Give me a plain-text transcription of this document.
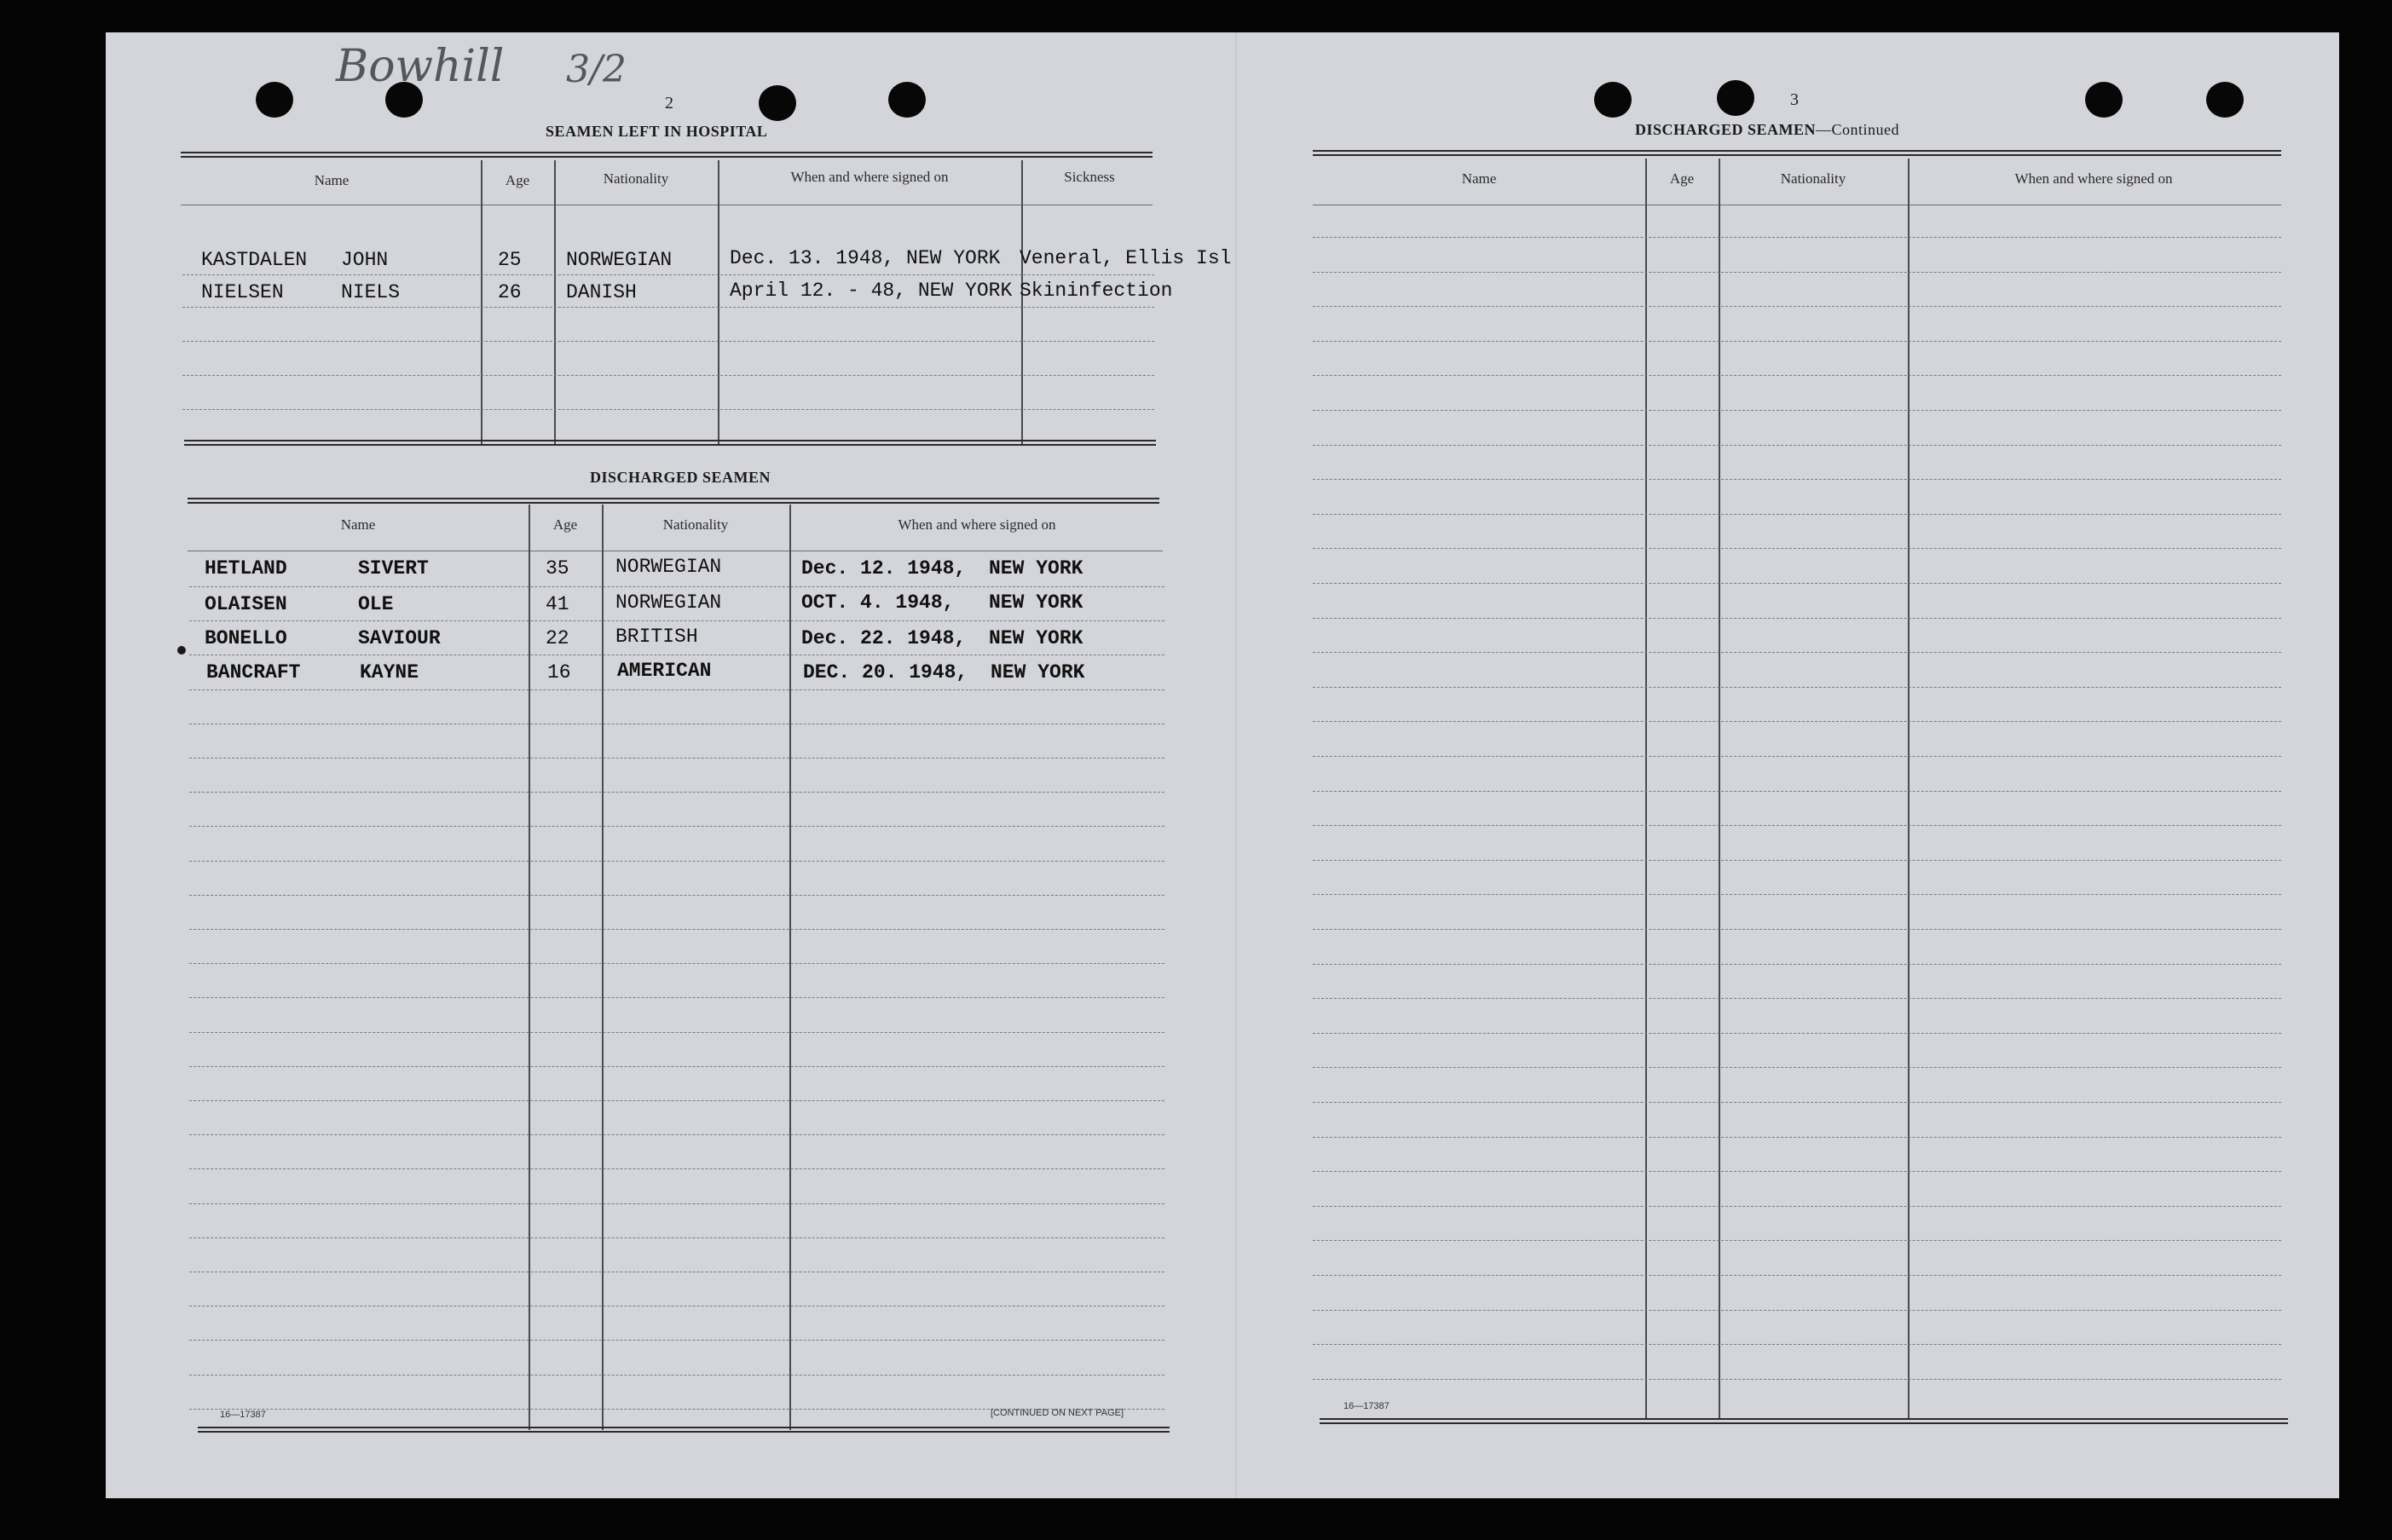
Bowhill 3/2
2
SEAMEN LEFT IN HOSPITAL
Name	Age	Nationality	When and where signed on	Sickness
KASTDALEN JOHN	25 NORWEGIAN	Dec. 13. 1948, NEW YORK Veneral, Ellis Isl
NIELSEN	NIELS	26 DANISH	April 12. - 48, NEW YORK Skininfection
DISCHARGED SEAMEN
Name	Age	Nationality	When and where signed on
HETLAND	SIVERT	35 NORWEGIAN	Dec. 12. 1948, NEW YORK
OLAISEN	OLE	41 NORWEGIAN	OCT. 4. 1948, NEW YORK
BONELLO	SAVIOUR	22 BRITISH	Dec. 22. 1948, NEW YORK
BANCRAFT	KAYNE	16 AMERICAN	DEC. 20. 1948, NEW YORK
16—17387	[CONTINUED ON NEXT PAGE]
3
DISCHARGED SEAMEN—Continued
Name	Age	Nationality	When and where signed on
16—17387
